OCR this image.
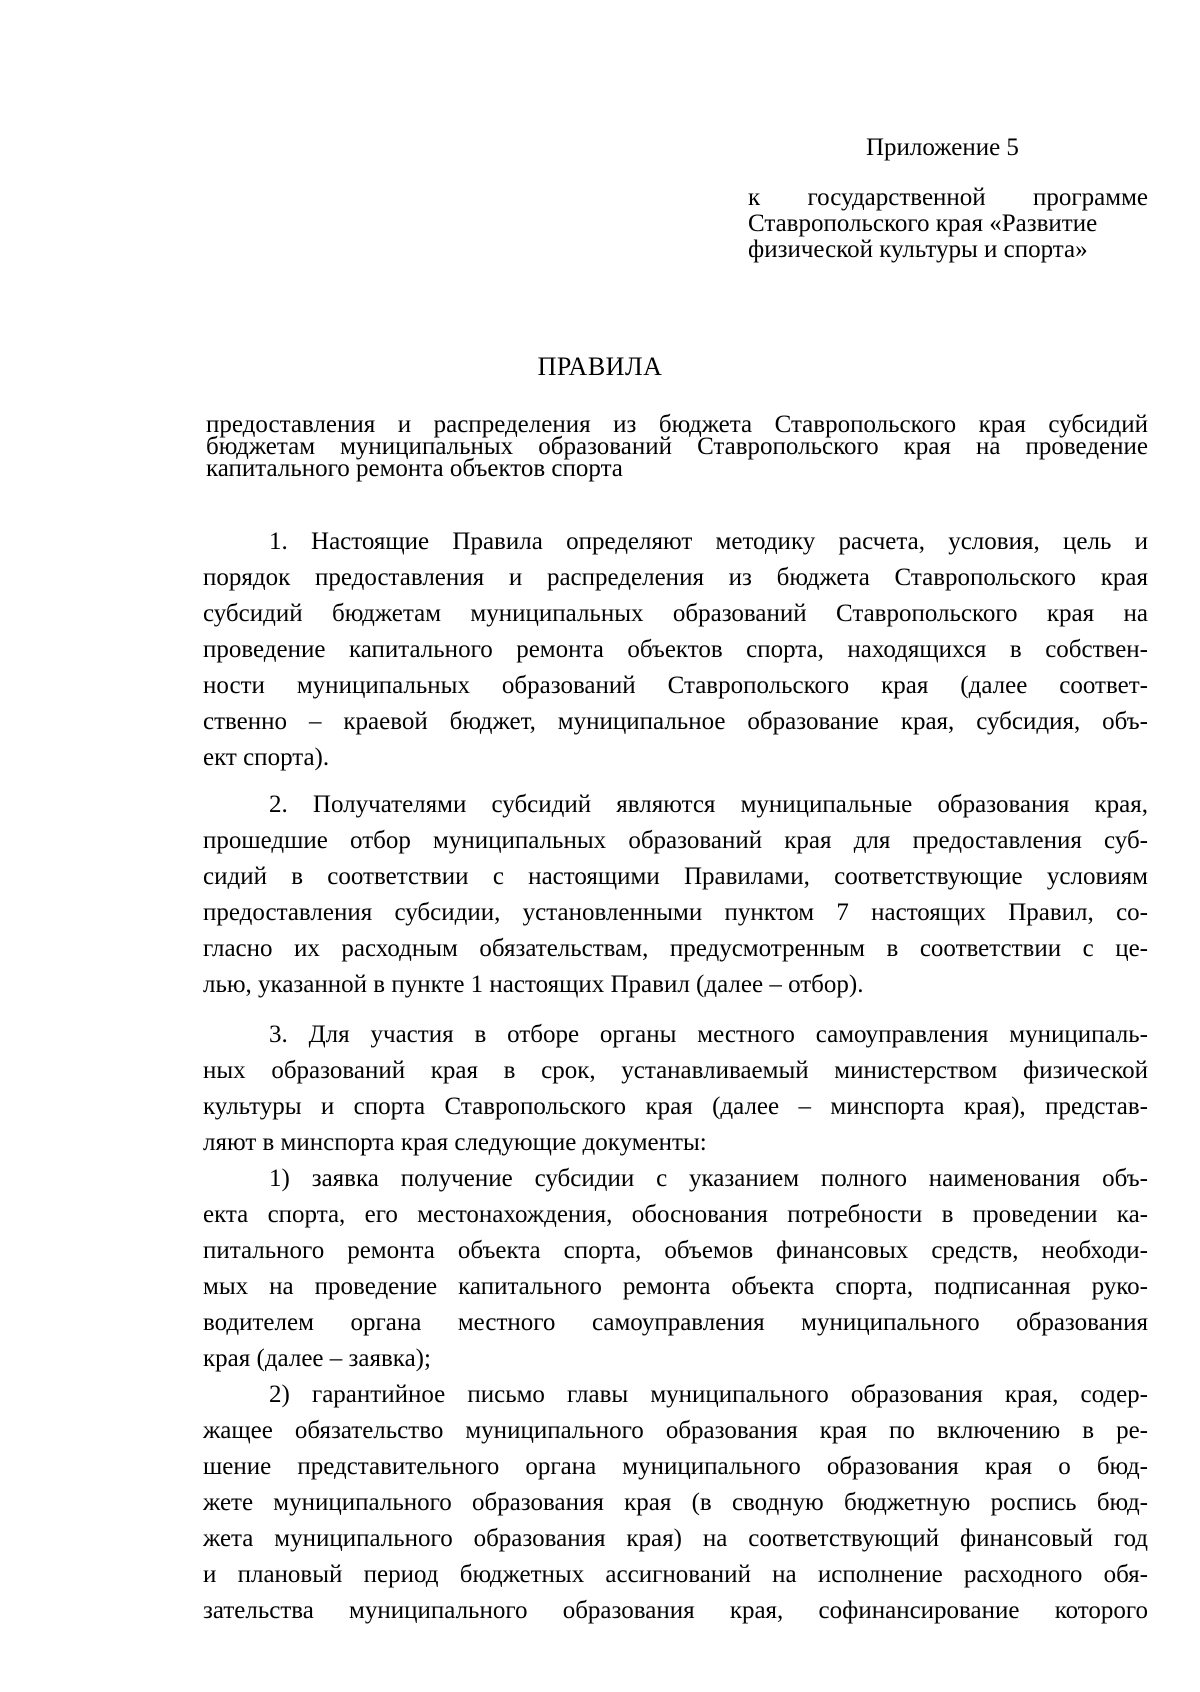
Приложение 5
к государственной программе
Ставропольского края «Развитие
физической культуры и спорта»
ПРАВИЛА
предоставления и распределения из бюджета Ставропольского края субсидий
бюджетам муниципальных образований Ставропольского края на проведение
капитального ремонта объектов спорта
1. Настоящие Правила определяют методику расчета, условия, цель и
порядок предоставления и распределения из бюджета Ставропольского края
субсидий бюджетам муниципальных образований Ставропольского края на
проведение капитального ремонта объектов спорта, находящихся в собствен-
ности муниципальных образований Ставропольского края (далее соответ-
ственно – краевой бюджет, муниципальное образование края, субсидия, объ-
ект спорта).
2. Получателями субсидий являются муниципальные образования края,
прошедшие отбор муниципальных образований края для предоставления суб-
сидий в соответствии с настоящими Правилами, соответствующие условиям
предоставления субсидии, установленными пунктом 7 настоящих Правил, со-
гласно их расходным обязательствам, предусмотренным в соответствии с це-
лью, указанной в пункте 1 настоящих Правил (далее – отбор).
3. Для участия в отборе органы местного самоуправления муниципаль-
ных образований края в срок, устанавливаемый министерством физической
культуры и спорта Ставропольского края (далее – минспорта края), представ-
ляют в минспорта края следующие документы:
1) заявка получение субсидии с указанием полного наименования объ-
екта спорта, его местонахождения, обоснования потребности в проведении ка-
питального ремонта объекта спорта, объемов финансовых средств, необходи-
мых на проведение капитального ремонта объекта спорта, подписанная руко-
водителем органа местного самоуправления муниципального образования
края (далее – заявка);
2) гарантийное письмо главы муниципального образования края, содер-
жащее обязательство муниципального образования края по включению в ре-
шение представительного органа муниципального образования края о бюд-
жете муниципального образования края (в сводную бюджетную роспись бюд-
жета муниципального образования края) на соответствующий финансовый год
и плановый период бюджетных ассигнований на исполнение расходного обя-
зательства муниципального образования края, софинансирование которого
